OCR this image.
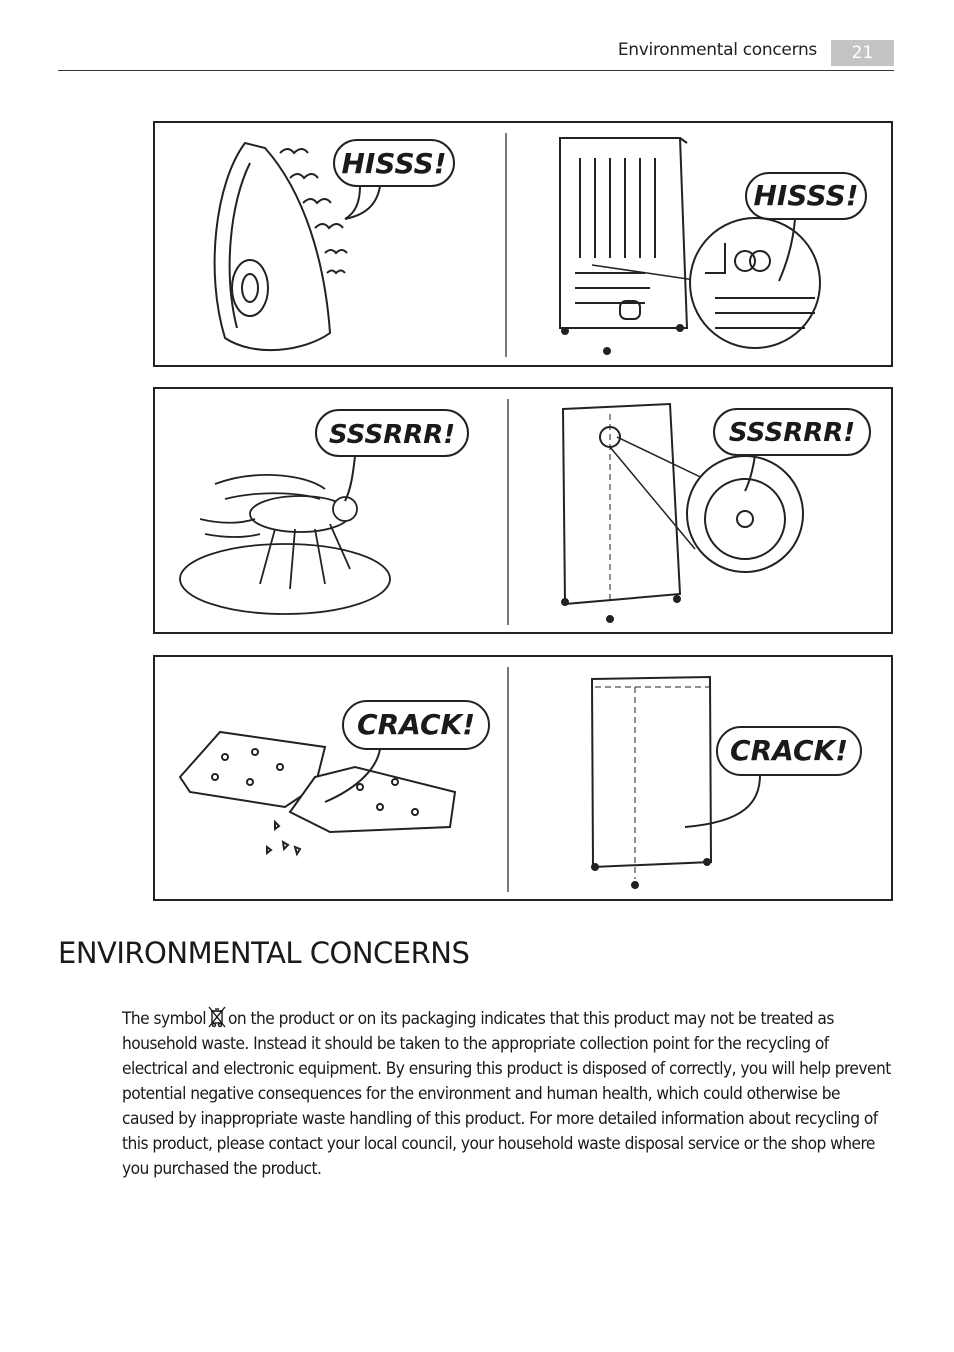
Environmental concerns	21
HISSS!
HISSS!
SSSRRR!	SSSRRR!
CRACK!
CRACK!
ENVIRONMENTAL CONCERNS

The symbol on the product or on its packaging indicates that this product may not be treated as household waste. Instead it should be taken to the appropriate collection point for the recycling of electrical and electronic equipment. By ensuring this product is disposed of correctly, you will help prevent potential negative consequences for the environment and human health, which could otherwise be caused by inappropriate waste handling of this product. For more detailed information about recycling of this product, please contact your local council, your household waste disposal service or the shop where you purchased the product.
